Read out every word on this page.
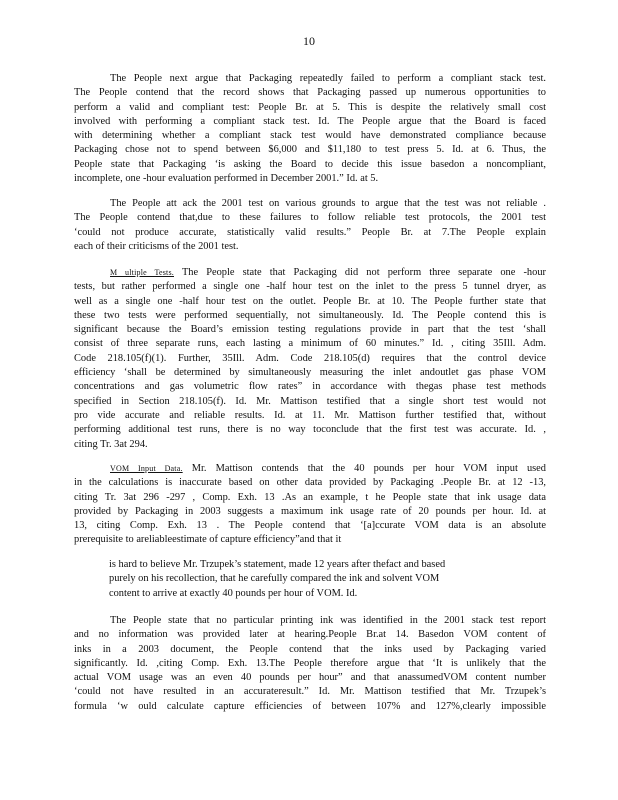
10
The People next argue that Packaging repeatedly failed to perform a compliant stack test.
The People contend that the record shows that Packaging passed up numerous opportunities to
perform a valid and compliant test: People Br. at 5. This is despite the relatively small cost
involved with performing a compliant stack test. Id. The People argue that the Board is faced
with determining whether a compliant stack test would have demonstrated compliance because
Packaging chose not to spend between $6,000 and $11,180 to test press 5. Id. at 6. Thus, the
People state that Packaging ‘is asking the Board to decide this issue basedon a noncompliant,
incomplete, one -hour evaluation performed in December 2001.” Id. at 5.
The People att ack the 2001 test on various grounds to argue that the test was not reliable .
The People contend that,due to these failures to follow reliable test protocols, the 2001 test
‘could not produce accurate, statistically valid results.” People Br. at 7.The People explain
each of their criticisms of the 2001 test.
M ultiple Tests. The People state that Packaging did not perform three separate one -hour
tests, but rather performed a single one -half hour test on the inlet to the press 5 tunnel dryer, as
well as a single one -half hour test on the outlet. People Br. at 10. The People further state that
these two tests were performed sequentially, not simultaneously. Id. The People contend this is
significant because the Board’s emission testing regulations provide in part that the test ‘shall
consist of three separate runs, each lasting a minimum of 60 minutes.” Id. , citing 35Ill. Adm.
Code 218.105(f)(1). Further, 35Ill. Adm. Code 218.105(d) requires that the control device
efficiency ‘shall be determined by simultaneously measuring the inlet andoutlet gas phase VOM
concentrations and gas volumetric flow rates” in accordance with thegas phase test methods
specified in Section 218.105(f). Id. Mr. Mattison testified that a single short test would not
pro vide accurate and reliable results. Id. at 11. Mr. Mattison further testified that, without
performing additional test runs, there is no way toconclude that the first test was accurate. Id. ,
citing Tr. 3at 294.
VOM Input Data. Mr. Mattison contends that the 40 pounds per hour VOM input used
in the calculations is inaccurate based on other data provided by Packaging .People Br. at 12 -13,
citing Tr. 3at 296 -297 , Comp. Exh. 13 .As an example, t he People state that ink usage data
provided by Packaging in 2003 suggests a maximum ink usage rate of 20 pounds per hour. Id. at
13, citing Comp. Exh. 13 . The People contend that ‘[a]ccurate VOM data is an absolute
prerequisite to areliableestimate of capture efficiency”and that it
is hard to believe Mr. Trzupek’s statement, made 12 years after thefact and based
purely on his recollection, that he carefully compared the ink and solvent VOM
content to arrive at exactly 40 pounds per hour of VOM. Id.
The People state that no particular printing ink was identified in the 2001 stack test report
and no information was provided later at hearing.People Br.at 14. Basedon VOM content of
inks in a 2003 document, the People contend that the inks used by Packaging varied
significantly. Id. ,citing Comp. Exh. 13.The People therefore argue that ‘It is unlikely that the
actual VOM usage was an even 40 pounds per hour” and that anassumedVOM content number
‘could not have resulted in an accurateresult.” Id. Mr. Mattison testified that Mr. Trzupek’s
formula ‘w ould calculate capture efficiencies of between 107% and 127%,clearly impossible
